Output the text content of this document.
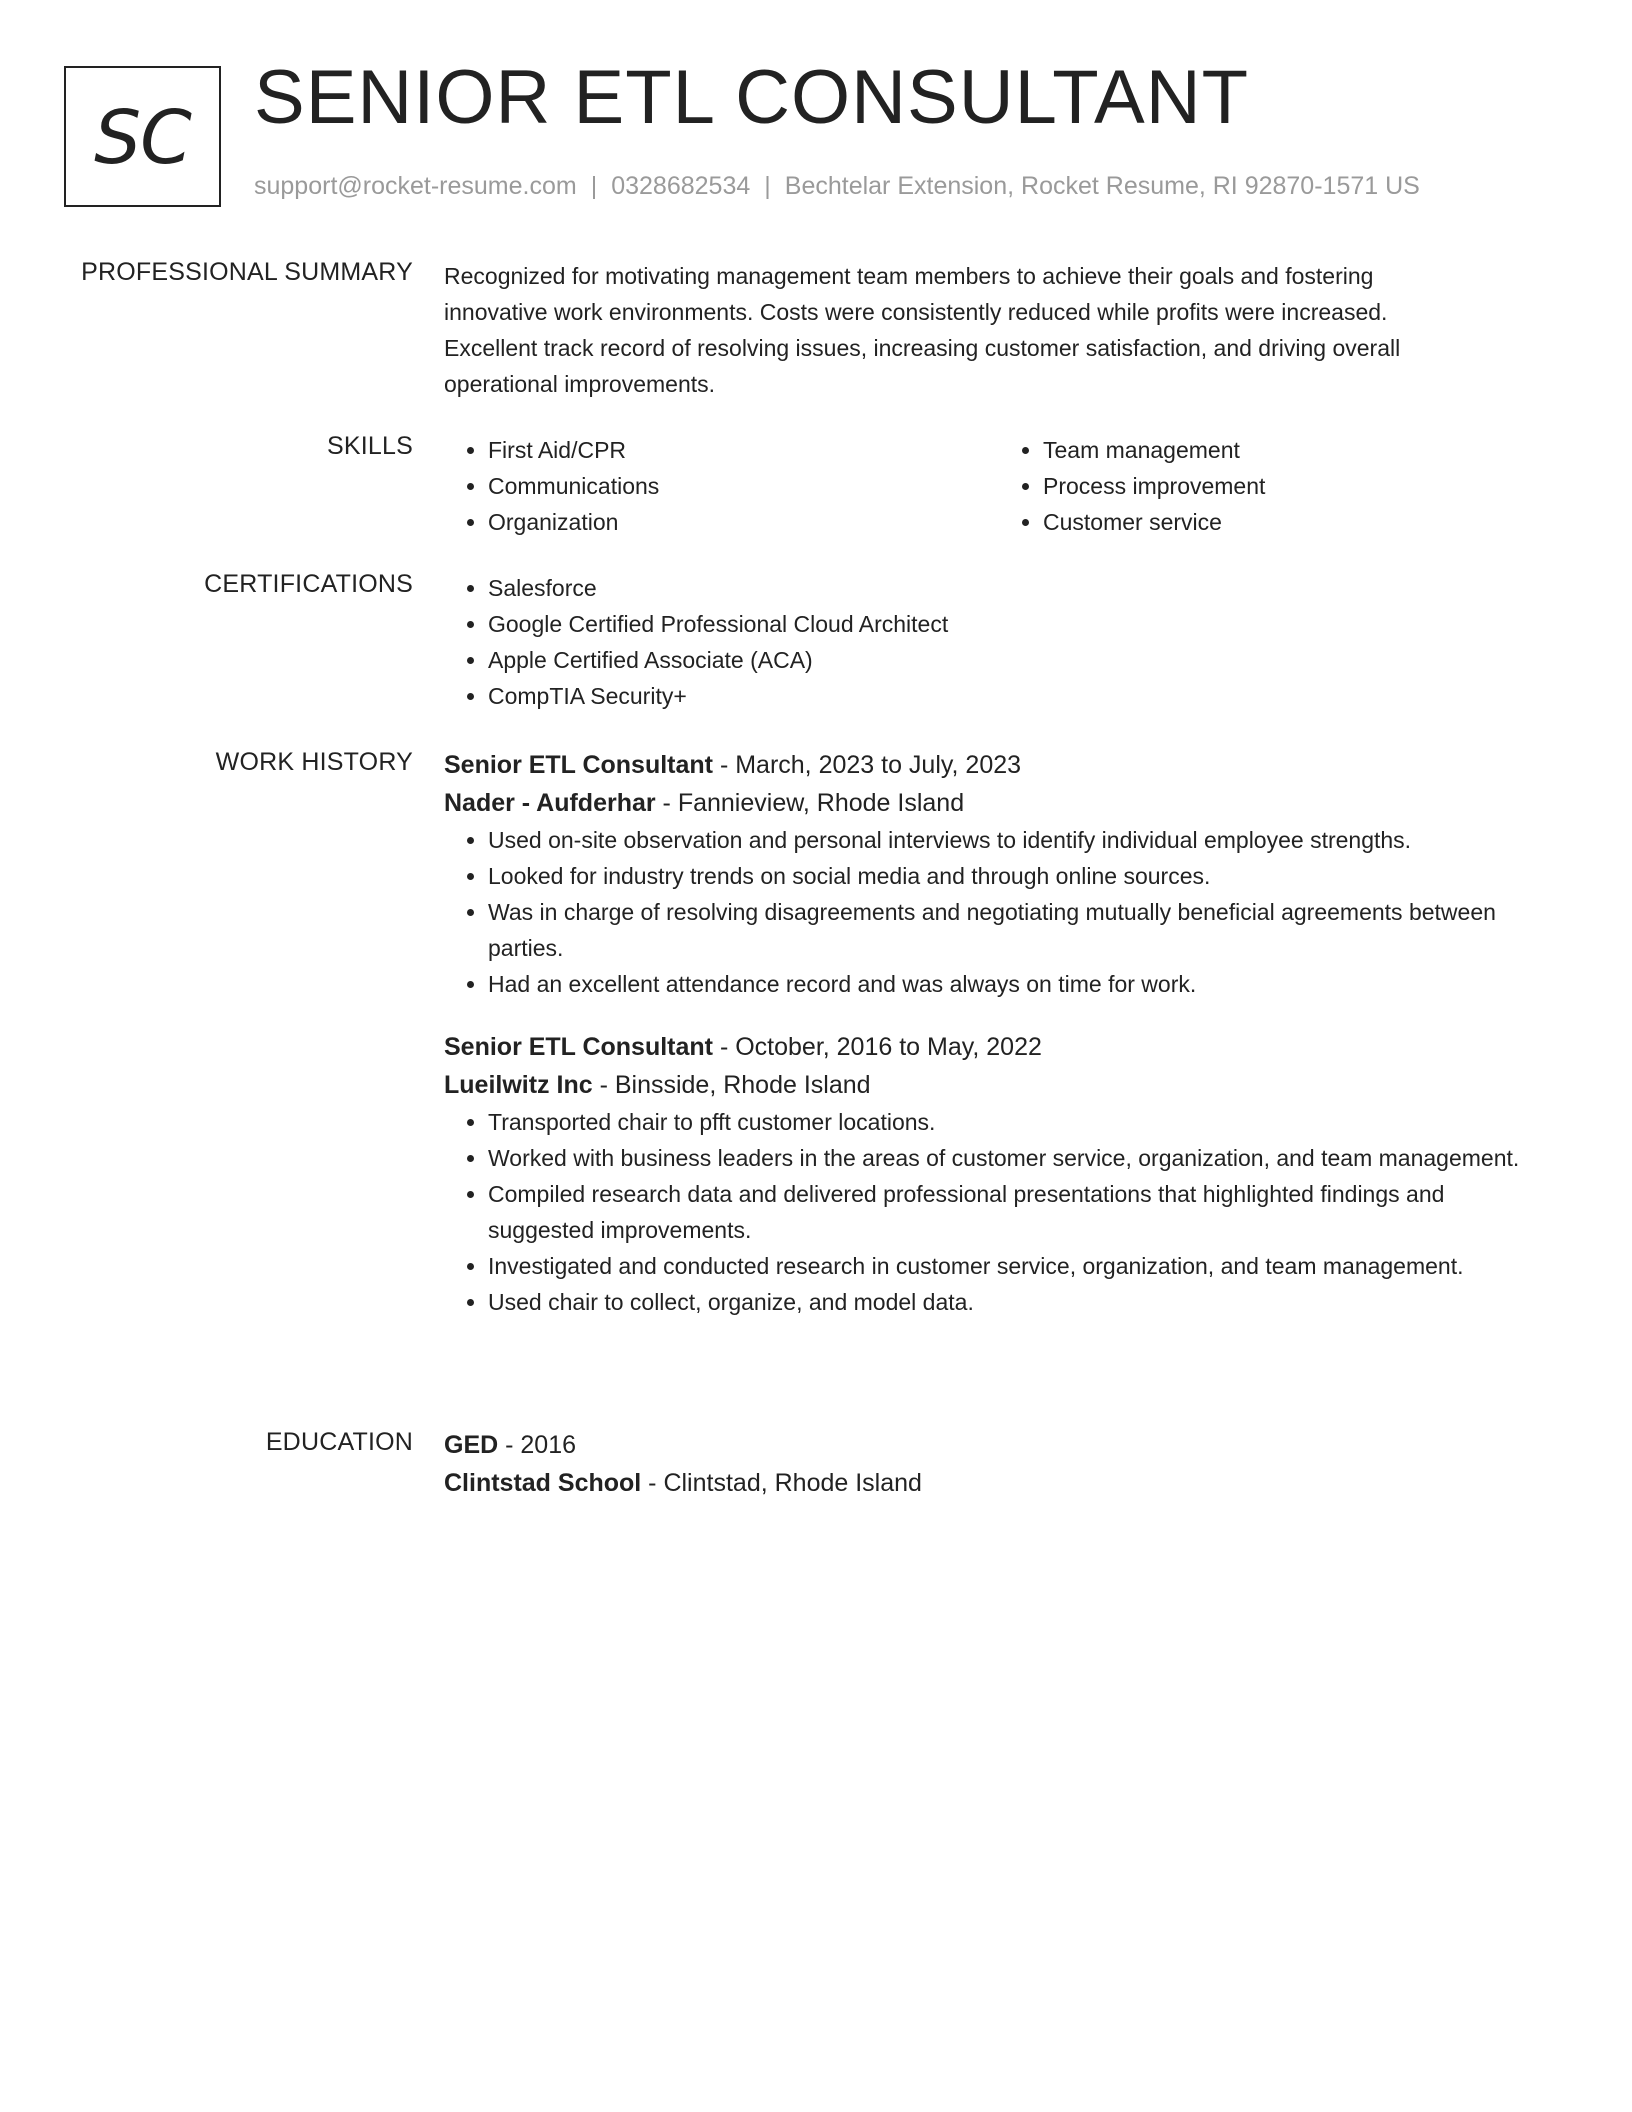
SC SENIOR ETL CONSULTANT
support@rocket-resume.com | 0328682534 | Bechtelar Extension, Rocket Resume, RI 92870-1571 US
PROFESSIONAL SUMMARY Recognized for motivating management team members to achieve their goals and fostering
innovative work environments. Costs were consistently reduced while profits were increased.
Excellent track record of resolving issues, increasing customer satisfaction, and driving overall
operational improvements.
SKILLS	• First Aid/CPR
• Communications
• Organization
• Team management
• Process improvement
• Customer service
CERTIFICATIONS	• Salesforce
• Google Certified Professional Cloud Architect
• Apple Certified Associate (ACA)
• CompTIA Security+
WORK HISTORY Senior ETL Consultant - March, 2023 to July, 2023
Nader - Aufderhar - Fannieview, Rhode Island
• Used on-site observation and personal interviews to identify individual employee strengths.
• Looked for industry trends on social media and through online sources.
• Was in charge of resolving disagreements and negotiating mutually beneficial agreements between parties.
• Had an excellent attendance record and was always on time for work.
Senior ETL Consultant - October, 2016 to May, 2022
Lueilwitz Inc - Binsside, Rhode Island
• Transported chair to pfft customer locations.
• Worked with business leaders in the areas of customer service, organization, and team management.
• Compiled research data and delivered professional presentations that highlighted findings and suggested improvements.
• Investigated and conducted research in customer service, organization, and team management.
• Used chair to collect, organize, and model data.
EDUCATION GED - 2016
Clintstad School - Clintstad, Rhode Island
